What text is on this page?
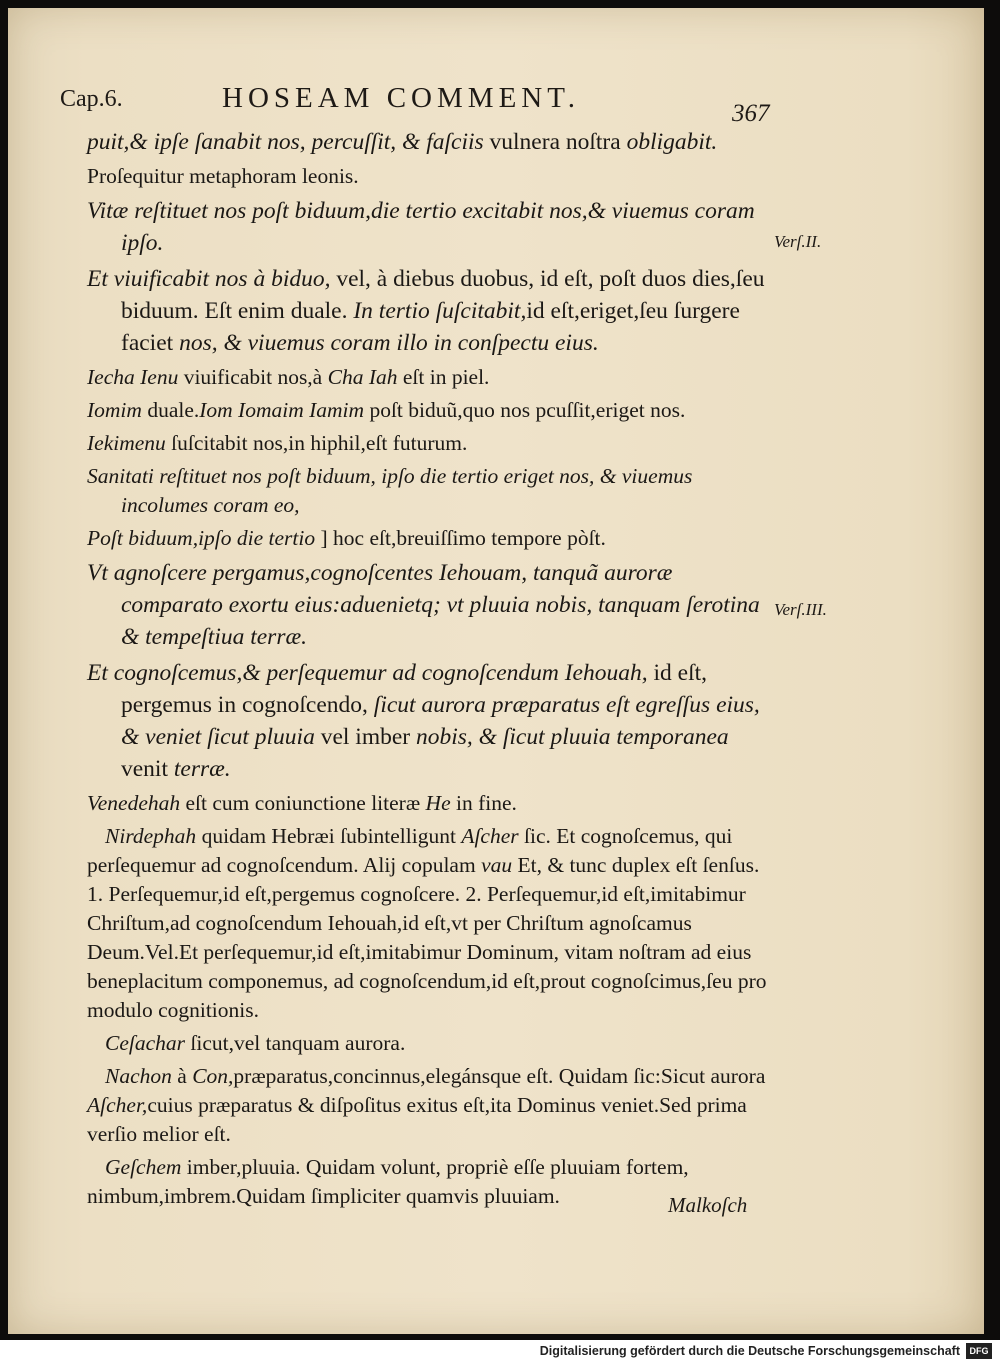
Cap.6.	HOSEAM COMMENT.	367
Verſ.II.
Verſ.III.
puit,& ipſe ſanabit nos, percuſſit, & faſciis vulnera noſtra obligabit.
Proſequitur metaphoram leonis.
Vitæ reſtituet nos poſt biduum,die tertio excitabit nos,& viuemus coram ipſo.
Et viuificabit nos à biduo, vel, à diebus duobus, id eſt, poſt duos dies,ſeu biduum. Eſt enim duale. In tertio ſuſcitabit,id eſt,eriget,ſeu ſurgere faciet nos, & viuemus coram illo in conſpectu eius.
Iecha Ienu viuificabit nos,à Cha Iah eſt in piel.
Iomim duale.Iom Iomaim Iamim poſt biduũ,quo nos pcuſſit,eriget nos.
Iekimenu ſuſcitabit nos,in hiphil,eſt futurum.
Sanitati reſtituet nos poſt biduum, ipſo die tertio eriget nos, & viuemus incolumes coram eo,
Poſt biduum,ipſo die tertio ] hoc eſt,breuiſſimo tempore pòſt.
Vt agnoſcere pergamus,cognoſcentes Iehouam, tanquã auroræ comparato exortu eius:aduenietq; vt pluuia nobis, tanquam ſerotina & tempeſtiua terræ.
Et cognoſcemus,& perſequemur ad cognoſcendum Iehouah, id eſt, pergemus in cognoſcendo, ſicut aurora præparatus eſt egreſſus eius, & veniet ſicut pluuia vel imber nobis, & ſicut pluuia temporanea venit terræ.
Venedehah eſt cum coniunctione literæ He in fine.
Nirdephah quidam Hebræi ſubintelligunt Aſcher ſic. Et cognoſcemus, qui perſequemur ad cognoſcendum. Alij copulam vau Et, & tunc duplex eſt ſenſus. 1. Perſequemur,id eſt,pergemus cognoſcere. 2. Perſequemur,id eſt,imitabimur Chriſtum,ad cognoſcendum Iehouah,id eſt,vt per Chriſtum agnoſcamus Deum.Vel.Et perſequemur,id eſt,imitabimur Dominum, vitam noſtram ad eius beneplacitum componemus, ad cognoſcendum,id eſt,prout cognoſcimus,ſeu pro modulo cognitionis.
Ceſachar ſicut,vel tanquam aurora.
Nachon à Con,præparatus,concinnus,elegánsque eſt. Quidam ſic:Sicut aurora Aſcher,cuius præparatus & diſpoſitus exitus eſt,ita Dominus veniet.Sed prima verſio melior eſt.
Geſchem imber,pluuia. Quidam volunt, propriè eſſe pluuiam fortem, nimbum,imbrem.Quidam ſimpliciter quamvis pluuiam.	Malkoſch
Digitalisierung gefördert durch die Deutsche Forschungsgemeinschaft	DFG
